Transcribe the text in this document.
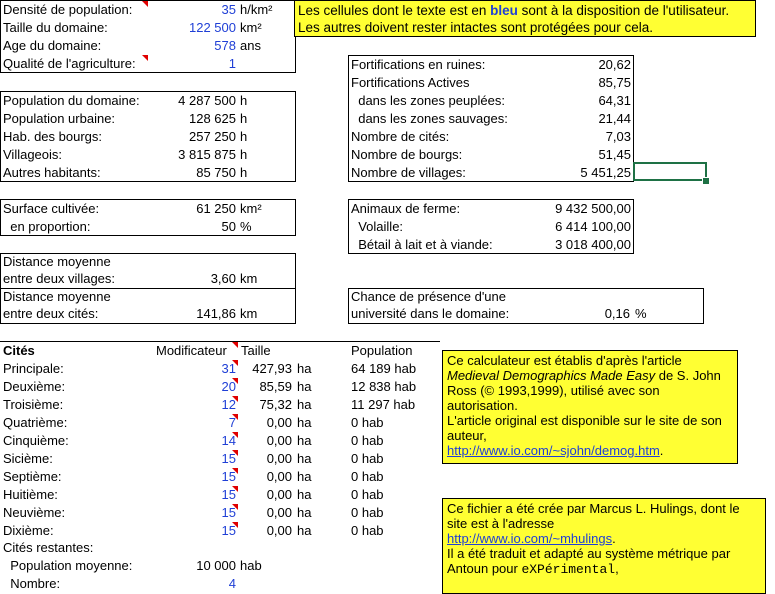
Densité de population:	35 h/km²
Taille du domaine:	122 500 km²
Age du domaine:	578 ans
Qualité de l'agriculture:	1
Les cellules dont le texte est en bleu sont à la disposition de l'utilisateur.
Les autres doivent rester intactes sont protégées pour cela.
Population du domaine:	4 287 500 h
Population urbaine:	128 625 h
Hab. des bourgs:	257 250 h
Villageois:	3 815 875 h
Autres habitants:	85 750 h
Fortifications en ruines:	20,62
Fortifications Actives	85,75
dans les zones peuplées:	64,31
dans les zones sauvages:	21,44
Nombre de cités:	7,03
Nombre de bourgs:	51,45
Nombre de villages:	5 451,25
Surface cultivée:	61 250 km²
en proportion:	50 %
Animaux de ferme:	9 432 500,00
Volaille:	6 414 100,00
Bétail à lait et à viande:	3 018 400,00
Distance moyenne
entre deux villages:	3,60 km
Distance moyenne
entre deux cités:	141,86 km
Chance de présence d'une
université dans le domaine:	0,16 %
Cités	Modificateur Taille	Population
Principale:	31	427,93 ha	64 189 hab
Deuxième:	20	85,59 ha	12 838 hab
Troisième:	12	75,32 ha	11 297 hab
Quatrième:	7	0,00 ha	0 hab
Cinquième:	14	0,00 ha	0 hab
Sicième:	15	0,00 ha	0 hab
Septième:	15	0,00 ha	0 hab
Huitième:	15	0,00 ha	0 hab
Neuvième:	15	0,00 ha	0 hab
Dixième:	15	0,00 ha	0 hab
Cités restantes:
Population moyenne:	10 000 hab
Nombre:	4
Ce calculateur est établis d'après l'article Medieval Demographics Made Easy de S. John Ross (© 1993,1999), utilisé avec son autorisation.
L'article original est disponible sur le site de son auteur,
http://www.io.com/~sjohn/demog.htm.
Ce fichier a été crée par Marcus L. Hulings, dont le site est à l'adresse
http://www.io.com/~mhulings.
Il a été traduit et adapté au système métrique par Antoun pour eXPérimental,
